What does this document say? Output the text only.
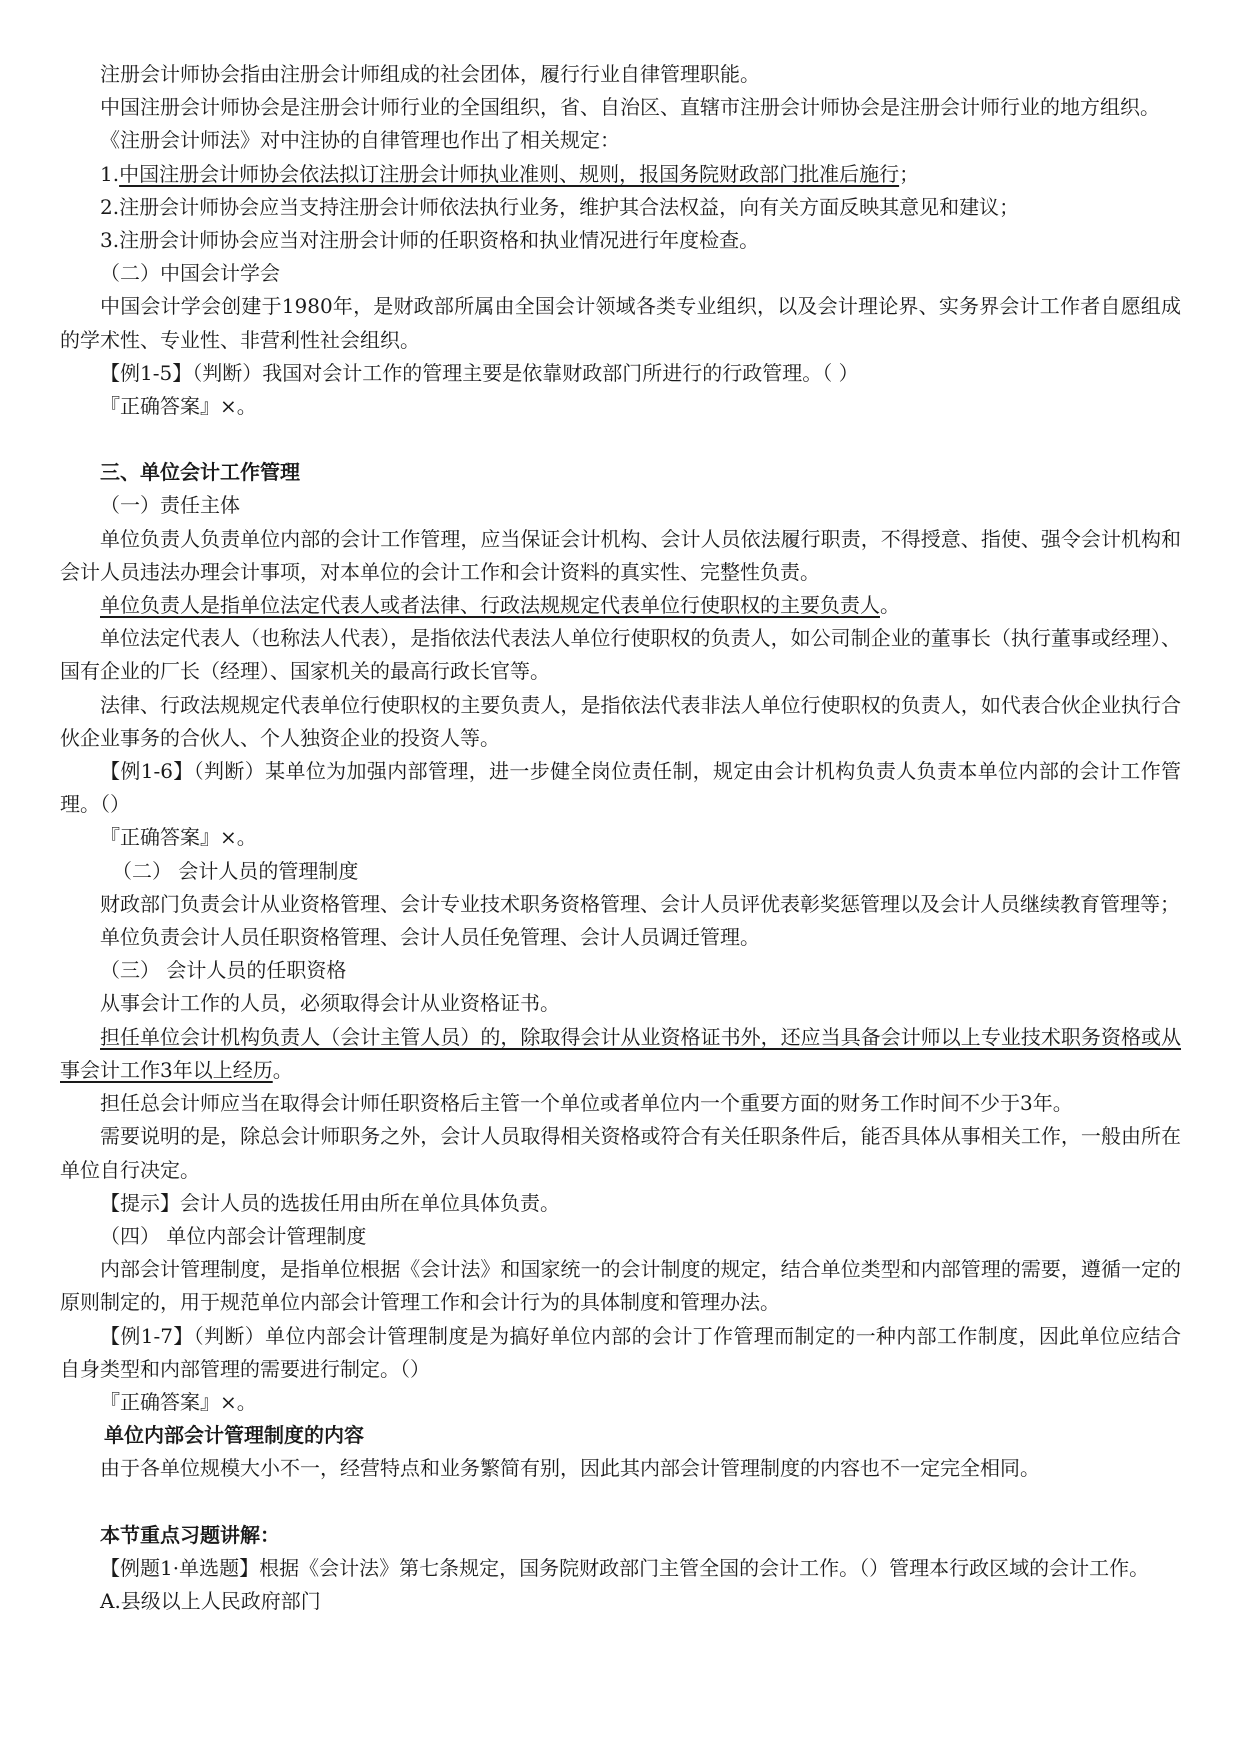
注册会计师协会指由注册会计师组成的社会团体，履行行业自律管理职能。

中国注册会计师协会是注册会计师行业的全国组织，省、自治区、直辖市注册会计师协会是注册会计师行业的地方组织。

《注册会计师法》对中注协的自律管理也作出了相关规定：

1.中国注册会计师协会依法拟订注册会计师执业准则、规则，报国务院财政部门批准后施行；

2.注册会计师协会应当支持注册会计师依法执行业务，维护其合法权益，向有关方面反映其意见和建议；

3.注册会计师协会应当对注册会计师的任职资格和执业情况进行年度检查。

（二）中国会计学会

中国会计学会创建于1980年，是财政部所属由全国会计领域各类专业组织，以及会计理论界、实务界会计工作者自愿组成的学术性、专业性、非营利性社会组织。

【例1-5】（判断）我国对会计工作的管理主要是依靠财政部门所进行的行政管理。（ ）

『正确答案』×。

三、单位会计工作管理

（一）责任主体

单位负责人负责单位内部的会计工作管理，应当保证会计机构、会计人员依法履行职责，不得授意、指使、强令会计机构和会计人员违法办理会计事项，对本单位的会计工作和会计资料的真实性、完整性负责。

单位负责人是指单位法定代表人或者法律、行政法规规定代表单位行使职权的主要负责人。

单位法定代表人（也称法人代表），是指依法代表法人单位行使职权的负责人，如公司制企业的董事长（执行董事或经理）、国有企业的厂长（经理）、国家机关的最高行政长官等。

法律、行政法规规定代表单位行使职权的主要负责人，是指依法代表非法人单位行使职权的负责人，如代表合伙企业执行合伙企业事务的合伙人、个人独资企业的投资人等。

【例1-6】（判断）某单位为加强内部管理，进一步健全岗位责任制，规定由会计机构负责人负责本单位内部的会计工作管理。（）

『正确答案』×。

（二） 会计人员的管理制度

财政部门负责会计从业资格管理、会计专业技术职务资格管理、会计人员评优表彰奖惩管理以及会计人员继续教育管理等；

单位负责会计人员任职资格管理、会计人员任免管理、会计人员调迁管理。

（三） 会计人员的任职资格

从事会计工作的人员，必须取得会计从业资格证书。

担任单位会计机构负责人（会计主管人员）的，除取得会计从业资格证书外，还应当具备会计师以上专业技术职务资格或从事会计工作3年以上经历。

担任总会计师应当在取得会计师任职资格后主管一个单位或者单位内一个重要方面的财务工作时间不少于3年。

需要说明的是，除总会计师职务之外，会计人员取得相关资格或符合有关任职条件后，能否具体从事相关工作，一般由所在单位自行决定。

【提示】会计人员的选拔任用由所在单位具体负责。

（四） 单位内部会计管理制度

内部会计管理制度，是指单位根据《会计法》和国家统一的会计制度的规定，结合单位类型和内部管理的需要，遵循一定的原则制定的，用于规范单位内部会计管理工作和会计行为的具体制度和管理办法。

【例1-7】（判断）单位内部会计管理制度是为搞好单位内部的会计丁作管理而制定的一种内部工作制度，因此单位应结合自身类型和内部管理的需要进行制定。（）

『正确答案』×。

单位内部会计管理制度的内容

由于各单位规模大小不一，经营特点和业务繁简有别，因此其内部会计管理制度的内容也不一定完全相同。

本节重点习题讲解：

【例题1·单选题】根据《会计法》第七条规定，国务院财政部门主管全国的会计工作。（）管理本行政区域的会计工作。

A.县级以上人民政府部门
